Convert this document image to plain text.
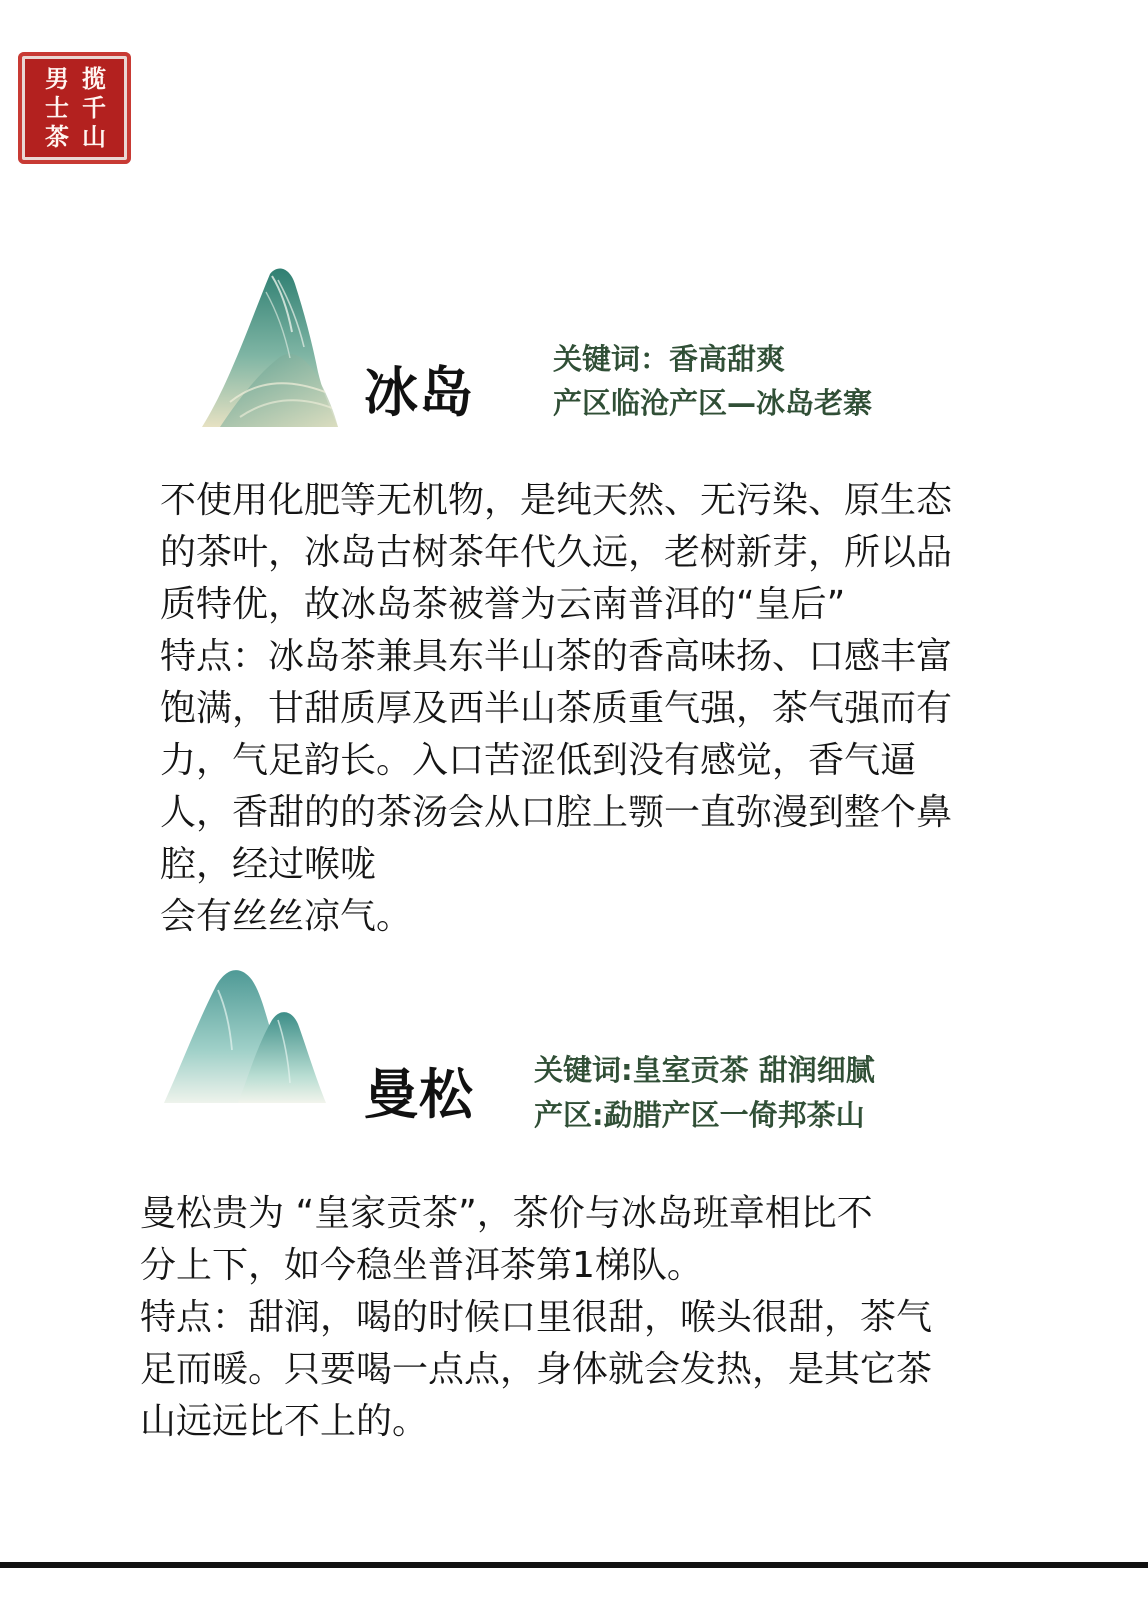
男
士
茶
揽
千
山
冰岛
关键词：香高甜爽
产区临沧产区—冰岛老寨
不使用化肥等无机物，是纯天然、无污染、原生态
的茶叶，冰岛古树茶年代久远，老树新芽，所以品
质特优，故冰岛茶被誉为云南普洱的“皇后”
特点：冰岛茶兼具东半山茶的香高味扬、口感丰富
饱满，甘甜质厚及西半山茶质重气强，茶气强而有
力，气足韵长。入口苦涩低到没有感觉，香气逼
人，香甜的的茶汤会从口腔上颚一直弥漫到整个鼻
腔，经过喉咙
会有丝丝凉气。
曼松 关键词:皇室贡茶 甜润细腻
产区:勐腊产区一倚邦茶山
曼松贵为 “皇家贡茶”，茶价与冰岛班章相比不
分上下，如今稳坐普洱茶第1梯队。
特点：甜润，喝的时候口里很甜，喉头很甜，茶气
足而暖。只要喝一点点，身体就会发热，是其它茶
山远远比不上的。
